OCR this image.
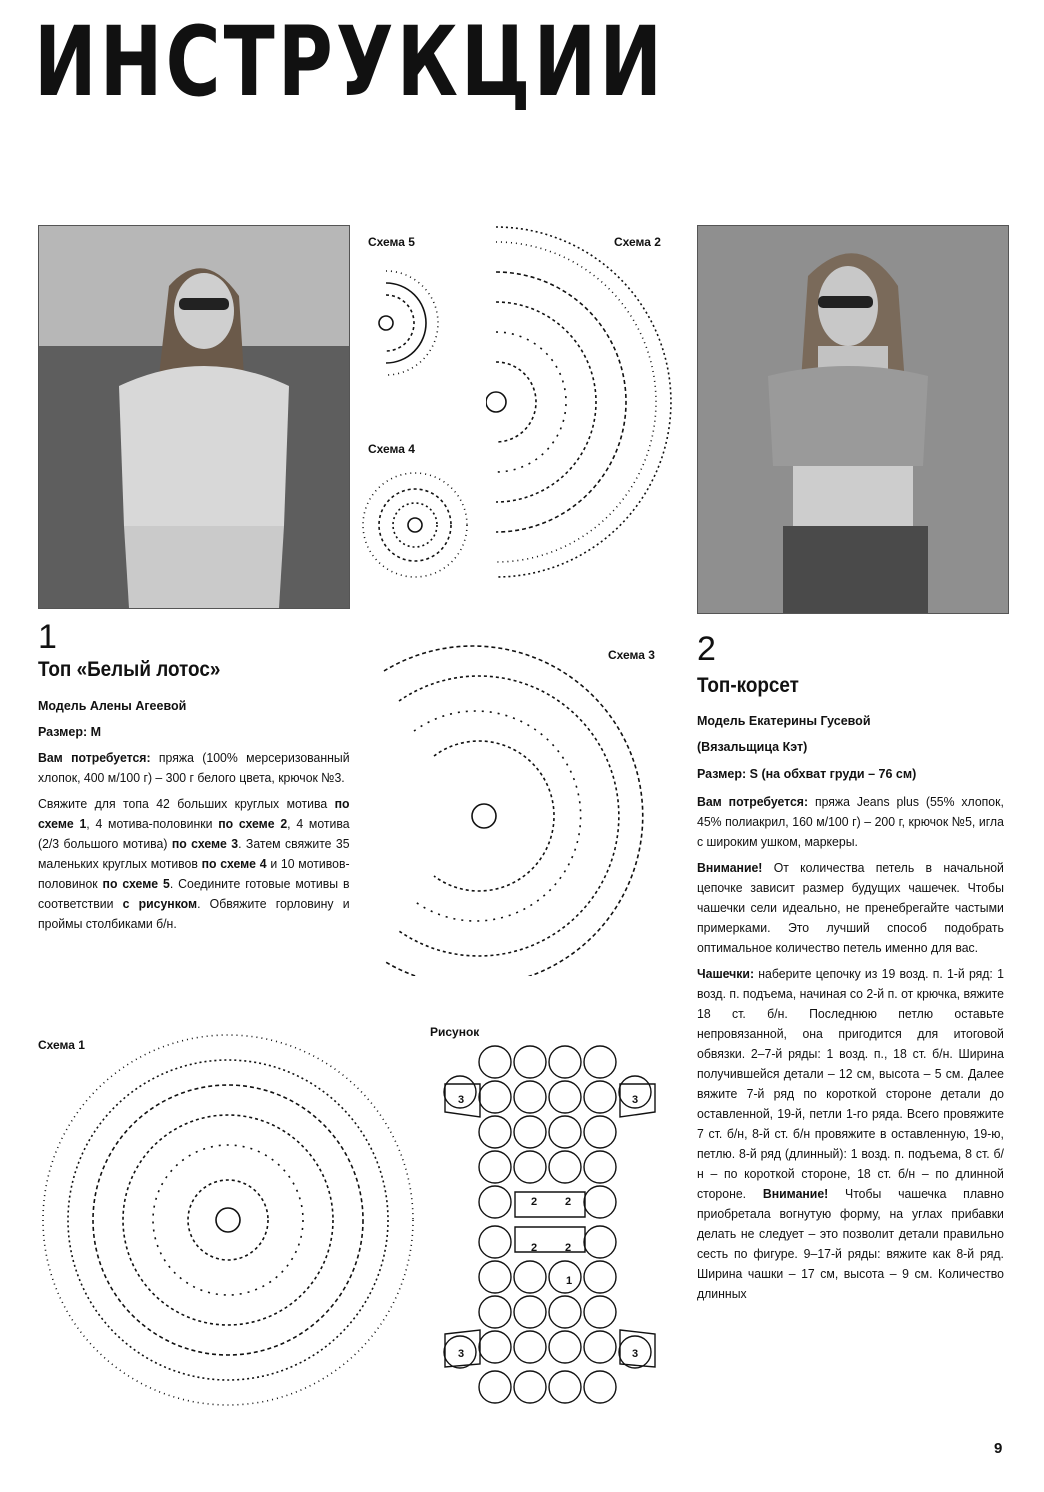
ИНСТРУКЦИИ
Схема 5	Схема 2
Схема 4
Схема 3
Схема 1
Рисунок
3	3
2	2
2	2
1
3	3
1
Топ «Белый лотос»
Модель Алены Агеевой
Размер: М

Вам потребуется: пряжа (100% мерсеризованный хлопок, 400 м/100 г) – 300 г белого цвета, крючок №3.

Свяжите для топа 42 больших круглых мотива по схеме 1, 4 мотива-половинки по схеме 2, 4 мотива (2/3 большого мотива) по схеме 3. Затем свяжите 35 маленьких круглых мотивов по схеме 4 и 10 мотивов-половинок по схеме 5. Соедините готовые мотивы в соответствии с рисунком. Обвяжите горловину и проймы столбиками б/н.

2
Топ-корсет
Модель Екатерины Гусевой
(Вязальщица Кэт)
Размер: S (на обхват груди – 76 см)

Вам потребуется: пряжа Jeans plus (55% хлопок, 45% полиакрил, 160 м/100 г) – 200 г, крючок №5, игла с широким ушком, маркеры.

Внимание! От количества петель в начальной цепочке зависит размер будущих чашечек. Чтобы чашечки сели идеально, не пренебрегайте частыми примерками. Это лучший способ подобрать оптимальное количество петель именно для вас.

Чашечки: наберите цепочку из 19 возд. п. 1-й ряд: 1 возд. п. подъема, начиная со 2-й п. от крючка, вяжите 18 ст. б/н. Последнюю петлю оставьте непровязанной, она пригодится для итоговой обвязки. 2–7-й ряды: 1 возд. п., 18 ст. б/н. Ширина получившейся детали – 12 см, высота – 5 см. Далее вяжите 7-й ряд по короткой стороне детали до оставленной, 19-й, петли 1-го ряда. Всего провяжите 7 ст. б/н, 8-й ст. б/н провяжите в оставленную, 19-ю, петлю. 8-й ряд (длинный): 1 возд. п. подъема, 8 ст. б/н – по короткой стороне, 18 ст. б/н – по длинной стороне. Внимание! Чтобы чашечка плавно приобретала вогнутую форму, на углах прибавки делать не следует – это позволит детали правильно сесть по фигуре. 9–17-й ряды: вяжите как 8-й ряд. Ширина чашки – 17 см, высота – 9 см. Количество длинных

9
